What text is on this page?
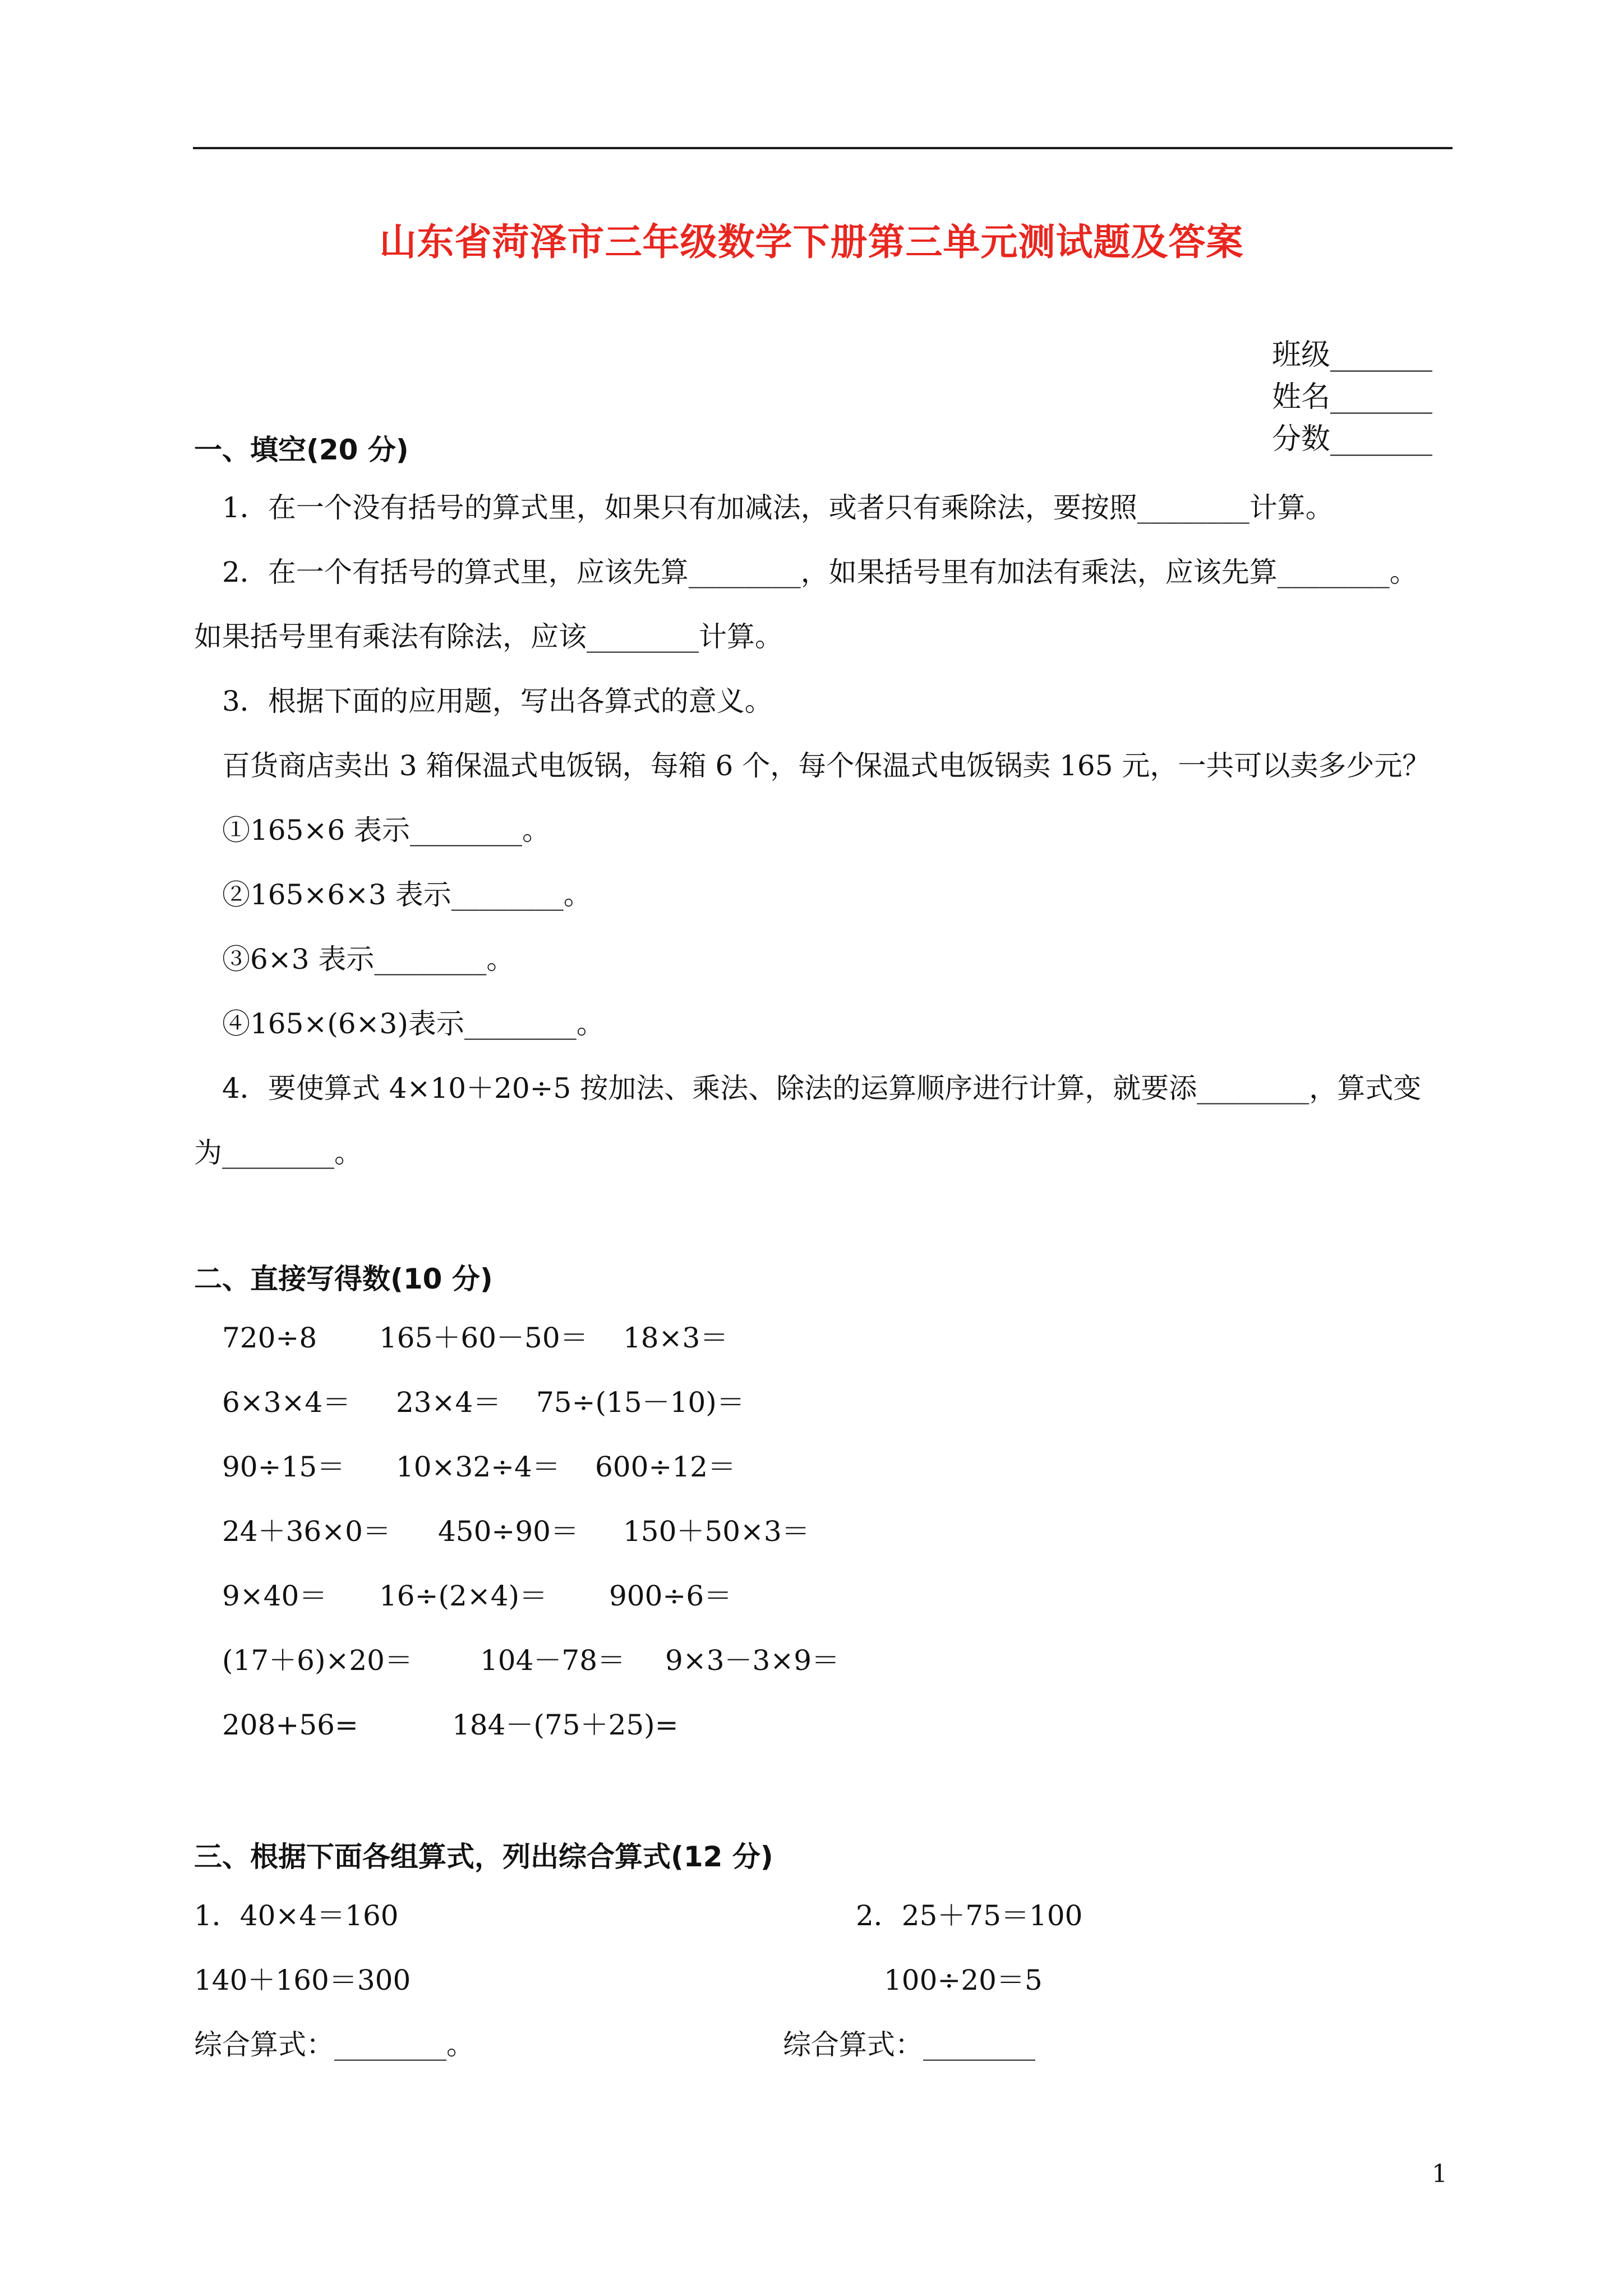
山东省菏泽市三年级数学下册第三单元测试题及答案

班级_______
姓名_______
分数_______

一、填空(20 分)
1．在一个没有括号的算式里，如果只有加减法，或者只有乘除法，要按照________计算。
2．在一个有括号的算式里，应该先算________，如果括号里有加法有乘法，应该先算________。
如果括号里有乘法有除法，应该________计算。
3．根据下面的应用题，写出各算式的意义。
百货商店卖出 3 箱保温式电饭锅，每箱 6 个，每个保温式电饭锅卖 165 元，一共可以卖多少元？
①165×6 表示________。
②165×6×3 表示________。
③6×3 表示________。
④165×(6×3)表示________。
4．要使算式 4×10＋20÷5 按加法、乘法、除法的运算顺序进行计算，就要添________，算式变
为________。
二、直接写得数(10 分)
720÷8 165＋60－50＝ 18×3＝
6×3×4＝ 23×4＝ 75÷(15－10)＝
90÷15＝ 10×32÷4＝ 600÷12＝
24＋36×0＝ 450÷90＝ 150＋50×3＝
9×40＝ 16÷(2×4)＝ 900÷6＝
(17＋6)×20＝ 104－78＝ 9×3－3×9＝
208+56=	184－(75＋25)=
三、根据下面各组算式，列出综合算式(12 分)
1．40×4＝160	2．25＋75＝100
140＋160＝300	100÷20＝5
综合算式：________。	综合算式：________
1
